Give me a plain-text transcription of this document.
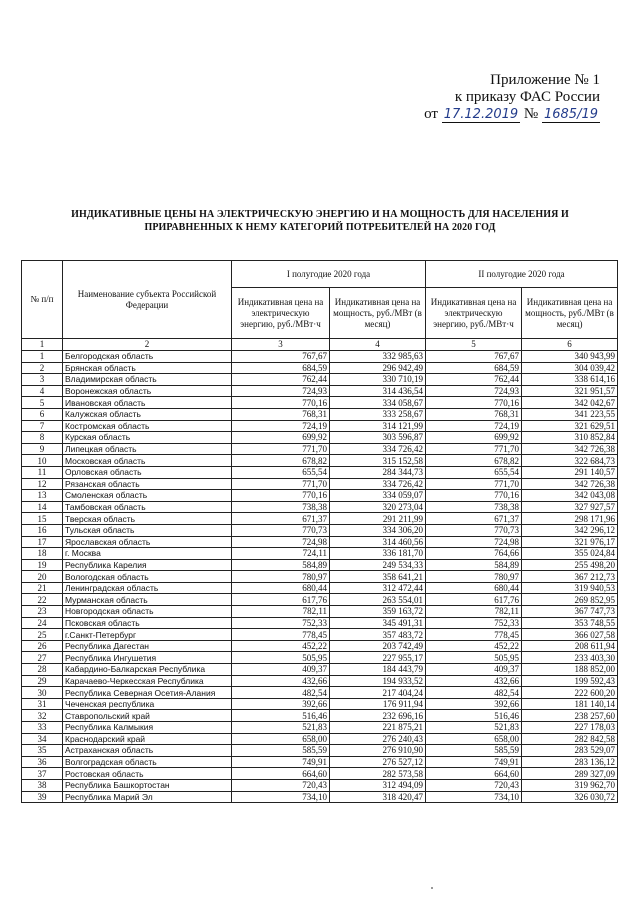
Приложение № 1
к приказу ФАС России
от 17.12.2019 № 1685/19
ИНДИКАТИВНЫЕ ЦЕНЫ НА ЭЛЕКТРИЧЕСКУЮ ЭНЕРГИЮ И НА МОЩНОСТЬ ДЛЯ НАСЕЛЕНИЯ И ПРИРАВНЕННЫХ К НЕМУ КАТЕГОРИЙ ПОТРЕБИТЕЛЕЙ НА 2020 ГОД
№ п/п	Наименование субъекта Российской Федерации	I полугодие 2020 года		II полугодие 2020 года	
		Индикативная цена на электрическую энергию, руб./МВт·ч	Индикативная цена на мощность, руб./МВт (в месяц)	Индикативная цена на электрическую энергию, руб./МВт·ч	Индикативная цена на мощность, руб./МВт (в месяц)
1	2	3	4	5	6
1	Белгородская область	767,67	332 985,63	767,67	340 943,99
2	Брянская область	684,59	296 942,49	684,59	304 039,42
3	Владимирская область	762,44	330 710,19	762,44	338 614,16
4	Воронежская область	724,93	314 436,54	724,93	321 951,57
5	Ивановская область	770,16	334 058,67	770,16	342 042,67
6	Калужская область	768,31	333 258,67	768,31	341 223,55
7	Костромская область	724,19	314 121,99	724,19	321 629,51
8	Курская область	699,92	303 596,87	699,92	310 852,84
9	Липецкая область	771,70	334 726,42	771,70	342 726,38
10	Московская область	678,82	315 152,58	678,82	322 684,73
11	Орловская область	655,54	284 344,73	655,54	291 140,57
12	Рязанская область	771,70	334 726,42	771,70	342 726,38
13	Смоленская область	770,16	334 059,07	770,16	342 043,08
14	Тамбовская область	738,38	320 273,04	738,38	327 927,57
15	Тверская область	671,37	291 211,99	671,37	298 171,96
16	Тульская область	770,73	334 306,20	770,73	342 296,12
17	Ярославская область	724,98	314 460,56	724,98	321 976,17
18	г. Москва	724,11	336 181,70	764,66	355 024,84
19	Республика Карелия	584,89	249 534,33	584,89	255 498,20
20	Вологодская область	780,97	358 641,21	780,97	367 212,73
21	Ленинградская область	680,44	312 472,44	680,44	319 940,53
22	Мурманская область	617,76	263 554,01	617,76	269 852,95
23	Новгородская область	782,11	359 163,72	782,11	367 747,73
24	Псковская область	752,33	345 491,31	752,33	353 748,55
25	г.Санкт-Петербург	778,45	357 483,72	778,45	366 027,58
26	Республика Дагестан	452,22	203 742,49	452,22	208 611,94
27	Республика Ингушетия	505,95	227 955,17	505,95	233 403,30
28	Кабардино-Балкарская Республика	409,37	184 443,79	409,37	188 852,00
29	Карачаево-Черкесская Республика	432,66	194 933,52	432,66	199 592,43
30	Республика Северная Осетия-Алания	482,54	217 404,24	482,54	222 600,20
31	Чеченская республика	392,66	176 911,94	392,66	181 140,14
32	Ставропольский край	516,46	232 696,16	516,46	238 257,60
33	Республика Калмыкия	521,83	221 875,21	521,83	227 178,03
34	Краснодарский край	658,00	276 240,43	658,00	282 842,58
35	Астраханская область	585,59	276 910,90	585,59	283 529,07
36	Волгоградская область	749,91	276 527,12	749,91	283 136,12
37	Ростовская область	664,60	282 573,58	664,60	289 327,09
38	Республика Башкортостан	720,43	312 494,09	720,43	319 962,70
39	Республика Марий Эл	734,10	318 420,47	734,10	326 030,72
